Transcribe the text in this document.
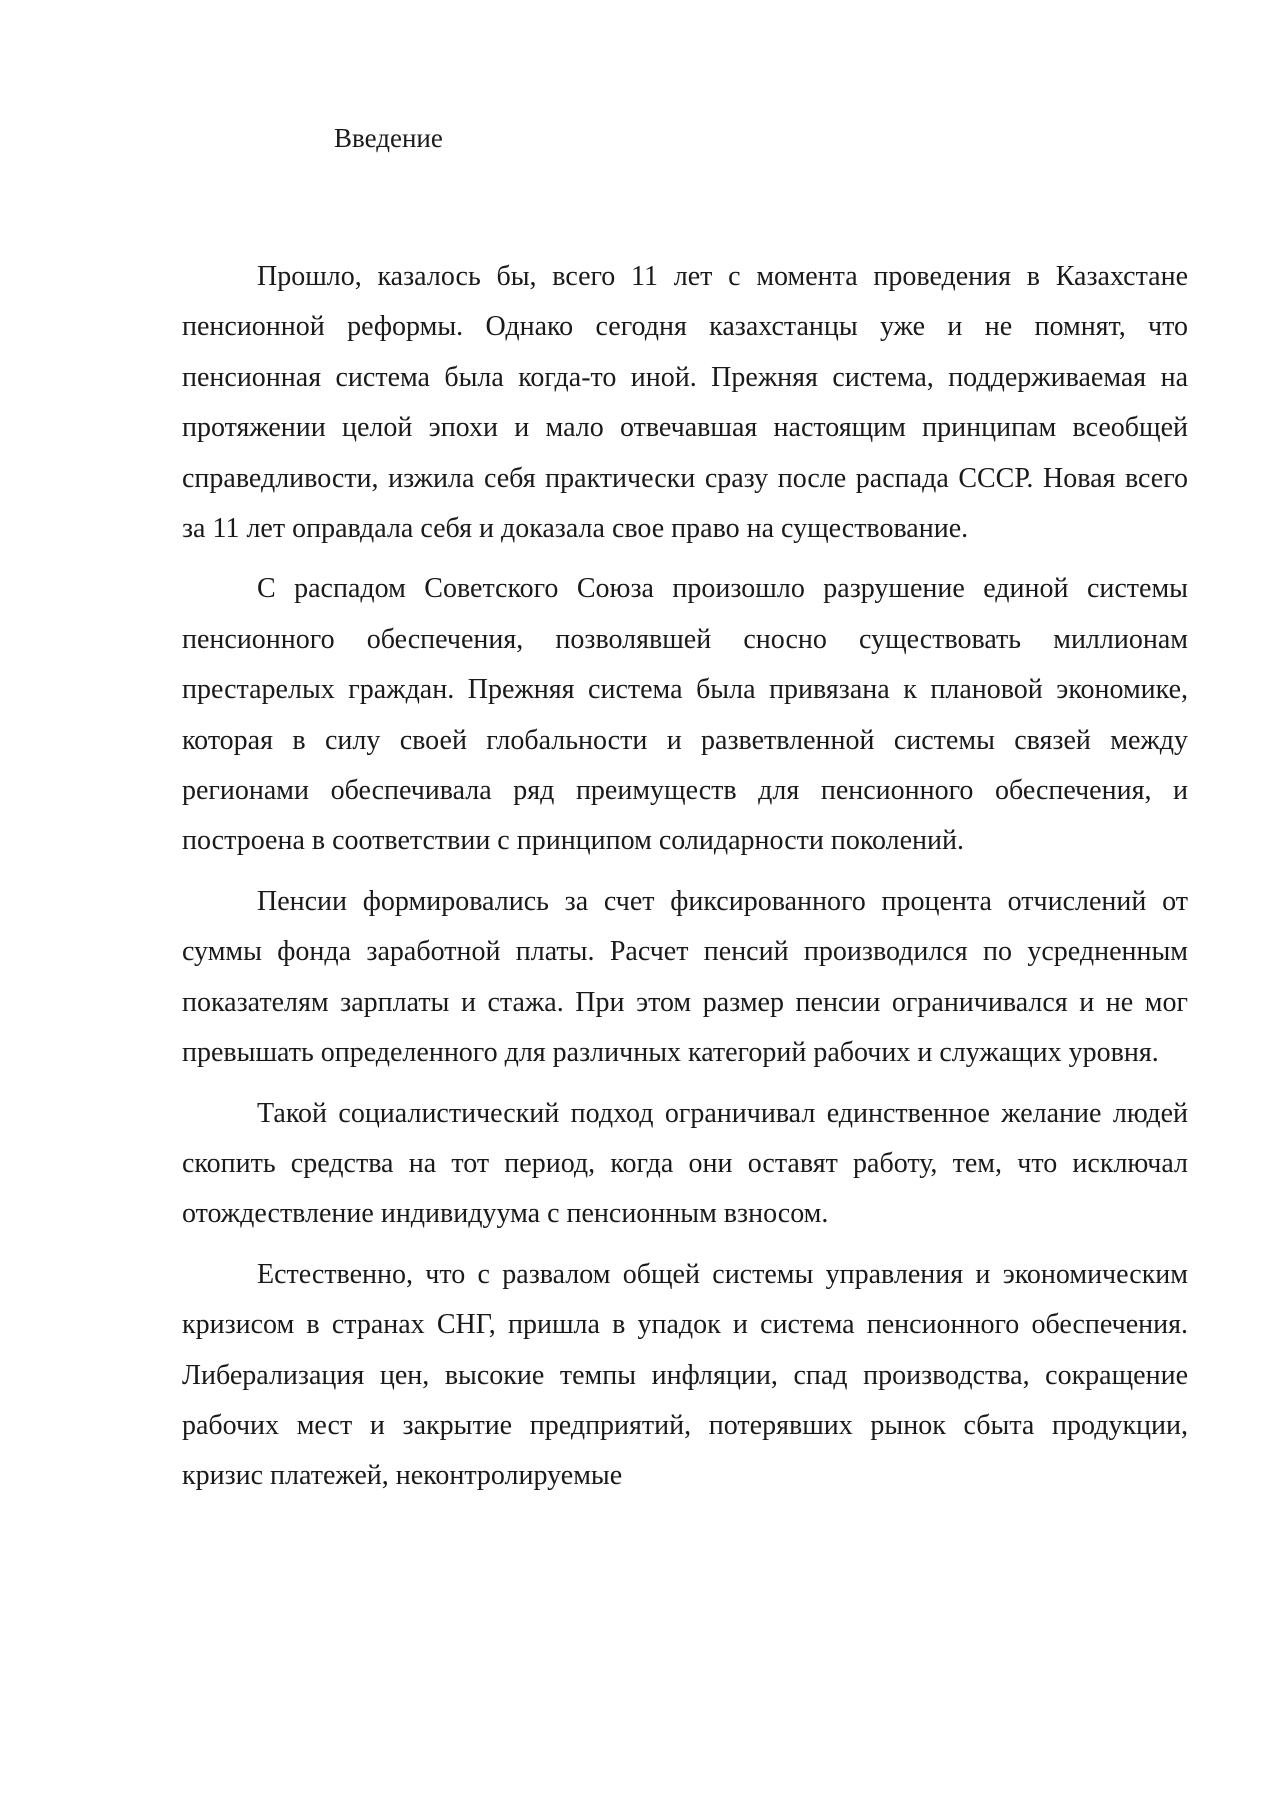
Введение

Прошло, казалось бы, всего 11 лет с момента проведения в Казахстане пенсионной реформы. Однако сегодня казахстанцы уже и не помнят, что пенсионная система была когда-то иной. Прежняя система, поддерживаемая на протяжении целой эпохи и мало отвечавшая настоящим принципам всеобщей справедливости, изжила себя практически сразу после распада СССР. Новая всего за 11 лет оправдала себя и доказала свое право на существование.

С распадом Советского Союза произошло разрушение единой системы пенсионного обеспечения, позволявшей сносно существовать миллионам престарелых граждан. Прежняя система была привязана к плановой экономике, которая в силу своей глобальности и разветвленной системы связей между регионами обеспечивала ряд преимуществ для пенсионного обеспечения, и построена в соответствии с принципом солидарности поколений.

Пенсии формировались за счет фиксированного процента отчислений от суммы фонда заработной платы. Расчет пенсий производился по усредненным показателям зарплаты и стажа. При этом размер пенсии ограничивался и не мог превышать определенного для различных категорий рабочих и служащих уровня.

Такой социалистический подход ограничивал единственное желание людей скопить средства на тот период, когда они оставят работу, тем, что исключал отождествление индивидуума с пенсионным взносом.

Естественно, что с развалом общей системы управления и экономическим кризисом в странах СНГ, пришла в упадок и система пенсионного обеспечения. Либерализация цен, высокие темпы инфляции, спад производства, сокращение рабочих мест и закрытие предприятий, потерявших рынок сбыта продукции, кризис платежей, неконтролируемые
